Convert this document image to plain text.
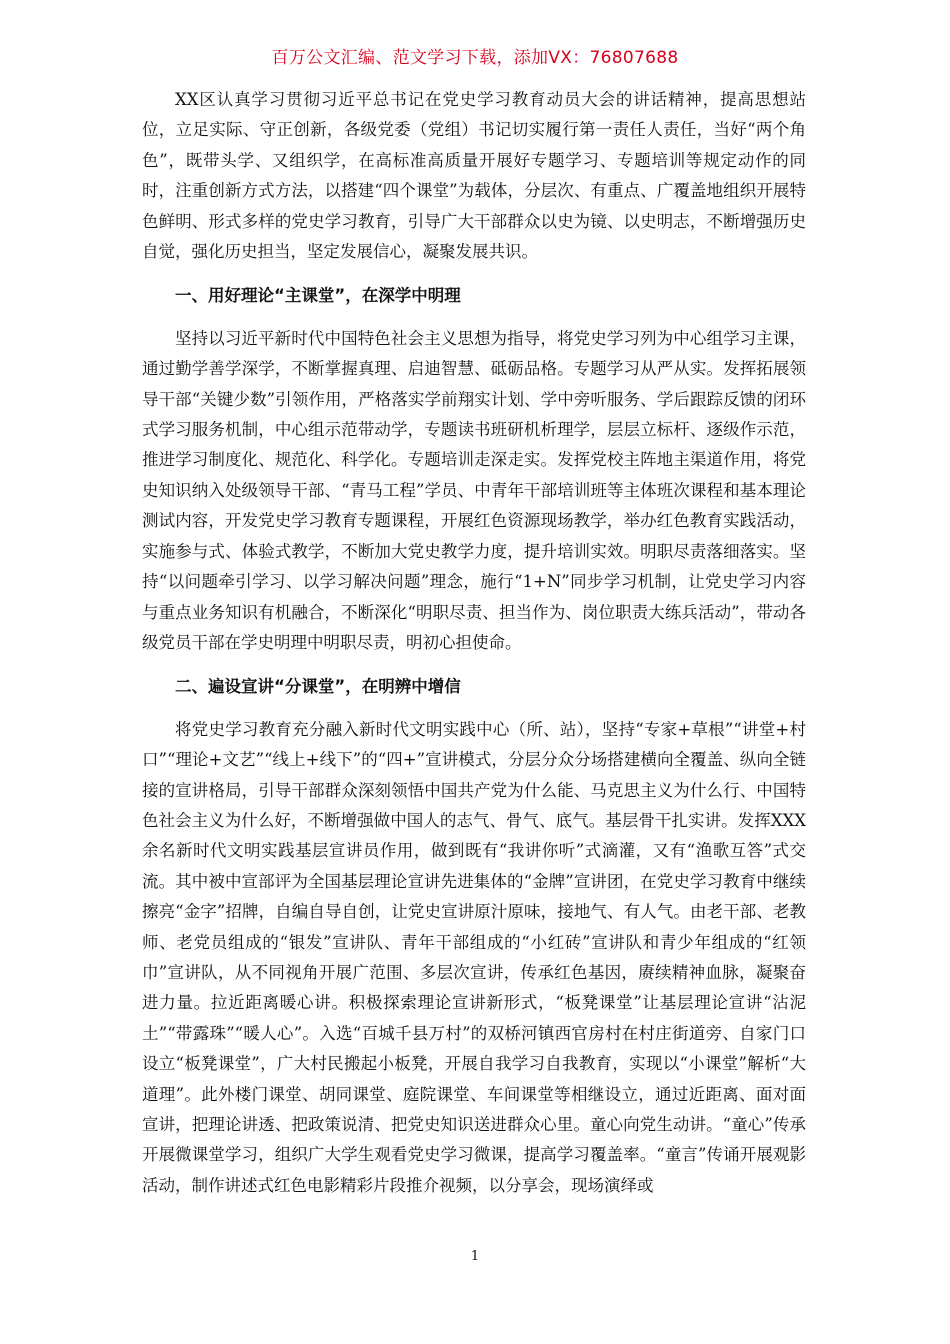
百万公文汇编、范文学习下载，添加VX：76807688

XX区认真学习贯彻习近平总书记在党史学习教育动员大会的讲话精神，提高思想站位，立足实际、守正创新，各级党委（党组）书记切实履行第一责任人责任，当好“两个角色”，既带头学、又组织学，在高标准高质量开展好专题学习、专题培训等规定动作的同时，注重创新方式方法，以搭建“四个课堂”为载体，分层次、有重点、广覆盖地组织开展特色鲜明、形式多样的党史学习教育，引导广大干部群众以史为镜、以史明志，不断增强历史自觉，强化历史担当，坚定发展信心，凝聚发展共识。

一、用好理论“主课堂”，在深学中明理

坚持以习近平新时代中国特色社会主义思想为指导，将党史学习列为中心组学习主课，通过勤学善学深学，不断掌握真理、启迪智慧、砥砺品格。专题学习从严从实。发挥拓展领导干部“关键少数”引领作用，严格落实学前翔实计划、学中旁听服务、学后跟踪反馈的闭环式学习服务机制，中心组示范带动学，专题读书班研机析理学，层层立标杆、逐级作示范，推进学习制度化、规范化、科学化。专题培训走深走实。发挥党校主阵地主渠道作用，将党史知识纳入处级领导干部、“青马工程”学员、中青年干部培训班等主体班次课程和基本理论测试内容，开发党史学习教育专题课程，开展红色资源现场教学，举办红色教育实践活动，实施参与式、体验式教学，不断加大党史教学力度，提升培训实效。明职尽责落细落实。坚持“以问题牵引学习、以学习解决问题”理念，施行“1+N”同步学习机制，让党史学习内容与重点业务知识有机融合，不断深化“明职尽责、担当作为、岗位职责大练兵活动”，带动各级党员干部在学史明理中明职尽责，明初心担使命。

二、遍设宣讲“分课堂”，在明辨中增信

将党史学习教育充分融入新时代文明实践中心（所、站），坚持“专家+草根”“讲堂+村口”“理论+文艺”“线上+线下”的“四+”宣讲模式，分层分众分场搭建横向全覆盖、纵向全链接的宣讲格局，引导干部群众深刻领悟中国共产党为什么能、马克思主义为什么行、中国特色社会主义为什么好，不断增强做中国人的志气、骨气、底气。基层骨干扎实讲。发挥XXX余名新时代文明实践基层宣讲员作用，做到既有“我讲你听”式滴灌，又有“渔歌互答”式交流。其中被中宣部评为全国基层理论宣讲先进集体的“金牌”宣讲团，在党史学习教育中继续擦亮“金字”招牌，自编自导自创，让党史宣讲原汁原味，接地气、有人气。由老干部、老教师、老党员组成的“银发”宣讲队、青年干部组成的“小红砖”宣讲队和青少年组成的“红领巾”宣讲队，从不同视角开展广范围、多层次宣讲，传承红色基因，赓续精神血脉，凝聚奋进力量。拉近距离暖心讲。积极探索理论宣讲新形式，“板凳课堂”让基层理论宣讲“沾泥土”“带露珠”“暖人心”。入选“百城千县万村”的双桥河镇西官房村在村庄街道旁、自家门口设立“板凳课堂”，广大村民搬起小板凳，开展自我学习自我教育，实现以“小课堂”解析“大道理”。此外楼门课堂、胡同课堂、庭院课堂、车间课堂等相继设立，通过近距离、面对面宣讲，把理论讲透、把政策说清、把党史知识送进群众心里。童心向党生动讲。“童心”传承开展微课堂学习，组织广大学生观看党史学习微课，提高学习覆盖率。“童言”传诵开展观影活动，制作讲述式红色电影精彩片段推介视频，以分享会，现场演绎或

1
